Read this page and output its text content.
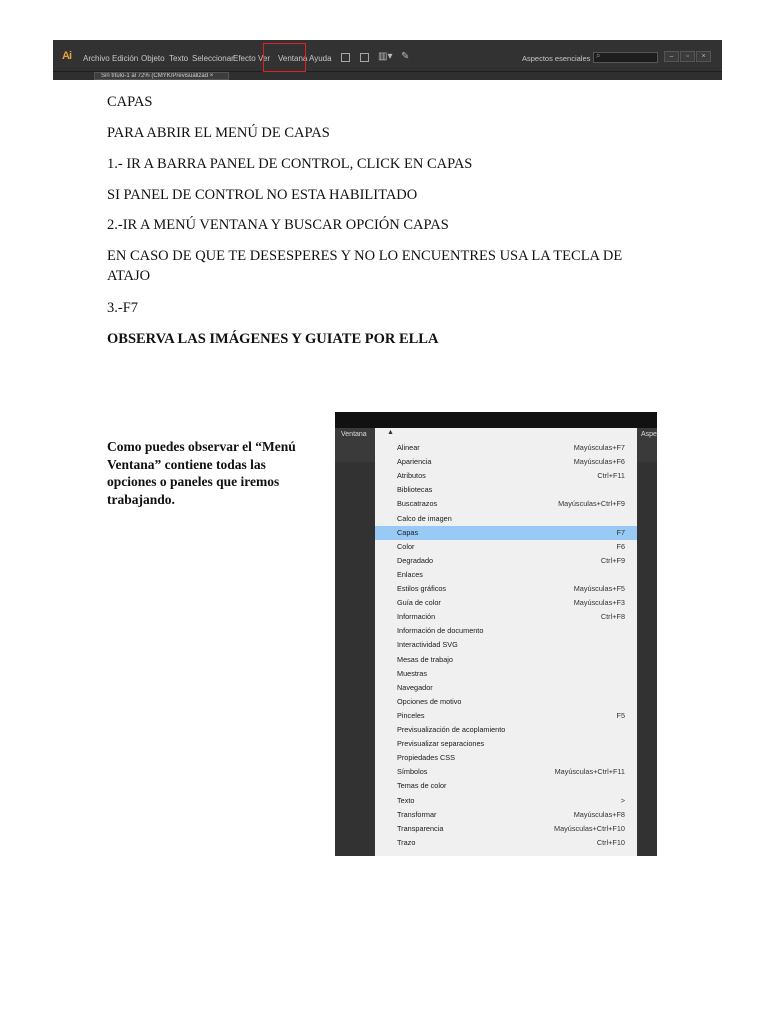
Ai Archivo Edición Objeto Texto Seleccionar Efecto Ver Ventana Ayuda	▥▾ ✎	Aspectos esenciales ⌕	–	▫	×
Sin título-1 al 72% (CMYK/Previsualizad ×
CAPAS
PARA ABRIR EL MENÚ DE CAPAS
1.- IR A BARRA PANEL DE CONTROL, CLICK EN CAPAS
SI PANEL DE CONTROL NO ESTA HABILITADO
2.-IR A MENÚ VENTANA Y BUSCAR OPCIÓN CAPAS
EN CASO DE QUE TE DESESPERES Y NO LO ENCUENTRES USA LA TECLA DE ATAJO
3.-F7
OBSERVA LAS IMÁGENES Y GUIATE POR ELLA
Como puedes observar el “Menú Ventana” contiene todas las opciones o paneles que iremos trabajando.
Ventana	Aspe
▲
Alinear	Mayúsculas+F7
Apariencia	Mayúsculas+F6
Atributos	Ctrl+F11
Bibliotecas
Buscatrazos	Mayúsculas+Ctrl+F9
Calco de imagen
Capas	F7
Color	F6
Degradado	Ctrl+F9
Enlaces
Estilos gráficos	Mayúsculas+F5
Guía de color	Mayúsculas+F3
Información	Ctrl+F8
Información de documento
Interactividad SVG
Mesas de trabajo
Muestras
Navegador
Opciones de motivo
Pinceles	F5
Previsualización de acoplamiento
Previsualizar separaciones
Propiedades CSS
Símbolos	Mayúsculas+Ctrl+F11
Temas de color
Texto	>
Transformar	Mayúsculas+F8
Transparencia	Mayúsculas+Ctrl+F10
Trazo	Ctrl+F10
